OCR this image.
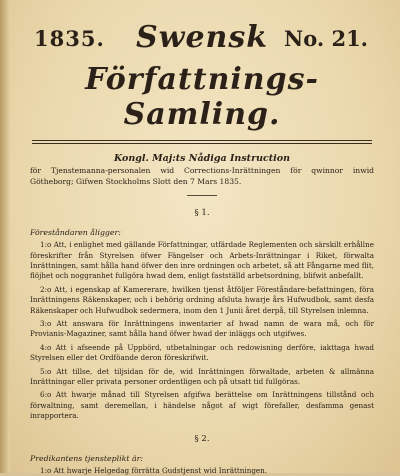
1835.	Swensk No. 21.
Författnings-Samling.
Kongl. Maj:ts Nådiga Instruction
för Tjenstemanna-personalen wid Corrections-Inrättningen för qwinnor inwid Götheborg; Gifwen Stockholms Slott den 7 Mars 1835.
§ 1.
Föreståndaren åligger:

1:o Att, i enlighet med gällande Författningar, utfärdade Reglementen och särskilt erhållne föreskrifter från Styrelsen öfwer Fängelser och Arbets-Inrättningar i Riket, förwalta Inrättningen, samt hålla hand öfwer den inre ordningen och arbetet, så att Fångarne med flit, flöjhet och noggranhet fullgöra hwad dem, enligt fastställd arbetsordning, blifwit anbefallt.

2:o Att, i egenskap af Kamererare, hwilken tjenst åtföljer Föreståndare-befattningen, föra Inrättningens Räkenskaper, och i behörig ordning afsluta hwarje års Hufwudbok, samt desfa Räkenskaper och Hufwudbok sedermera, inom den 1 Junii året derpå, till Styrelsen inlemna.

3:o Att answara för Inrättningens inwentarier af hwad namn de wara må, och för Provianis-Magaziner, samt hålla hand öfwer hwad der inläggs och utgifwes.

4:o Att i afseende på Uppbörd, utbetalningar och redowisning derföre, iakttaga hwad Styrelsen eller det Ordföande deron föreskrifwit.

5:o Att tillse, det tiljsidan för de, wid Inrättningen förwaltade, arbeten & allmänna Inrättningar eller privata personer ordentligen och på utsatt tid fullgöras.

6:o Att hwarje månad till Styrelsen afgifwa berättelse om Inrättningens tillstånd och förwaltning, samt deremellan, i händelse något af wigt förefaller, desfamma genast inrapportera.

§ 2.
Predikantens tjensteplikt är:

1:o Att hwarje Helgedag förrätta Gudstjenst wid Inrättningen.
